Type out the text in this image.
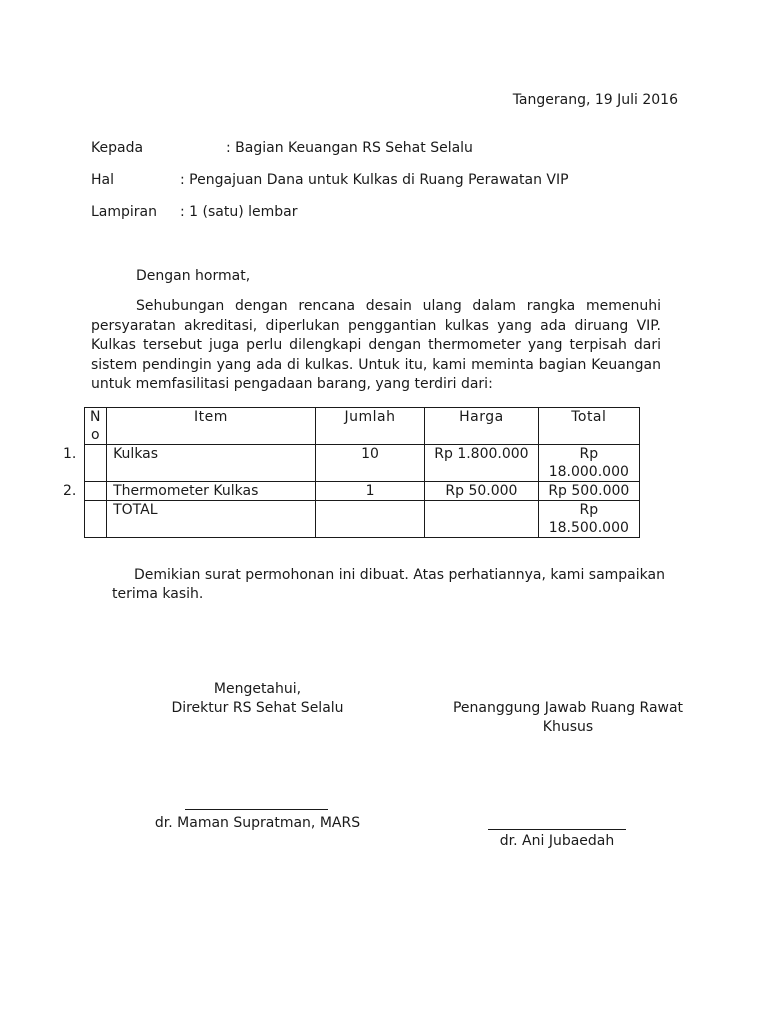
Tangerang, 19 Juli 2016
Kepada	: Bagian Keuangan RS Sehat Selalu
Hal	: Pengajuan Dana untuk Kulkas di Ruang Perawatan VIP
Lampiran : 1 (satu) lembar
Dengan hormat,
Sehubungan dengan rencana desain ulang dalam rangka memenuhi persyaratan akreditasi, diperlukan penggantian kulkas yang ada diruang VIP. Kulkas tersebut juga perlu dilengkapi dengan thermometer yang terpisah dari sistem pendingin yang ada di kulkas. Untuk itu, kami meminta bagian Keuangan untuk memfasilitasi pengadaan barang, yang terdiri dari:
N o	Item	Jumlah	Harga	Total

1.	Kulkas	10	Rp 1.800.000	Rp 18.000.000

2.	Thermometer Kulkas	1	Rp 50.000	Rp 500.000
	TOTAL			Rp 18.500.000
Demikian surat permohonan ini dibuat. Atas perhatiannya, kami sampaikan terima kasih.
Mengetahui,
Direktur RS Sehat Selalu
dr. Maman Supratman, MARS
Penanggung Jawab Ruang Rawat Khusus
dr. Ani Jubaedah
